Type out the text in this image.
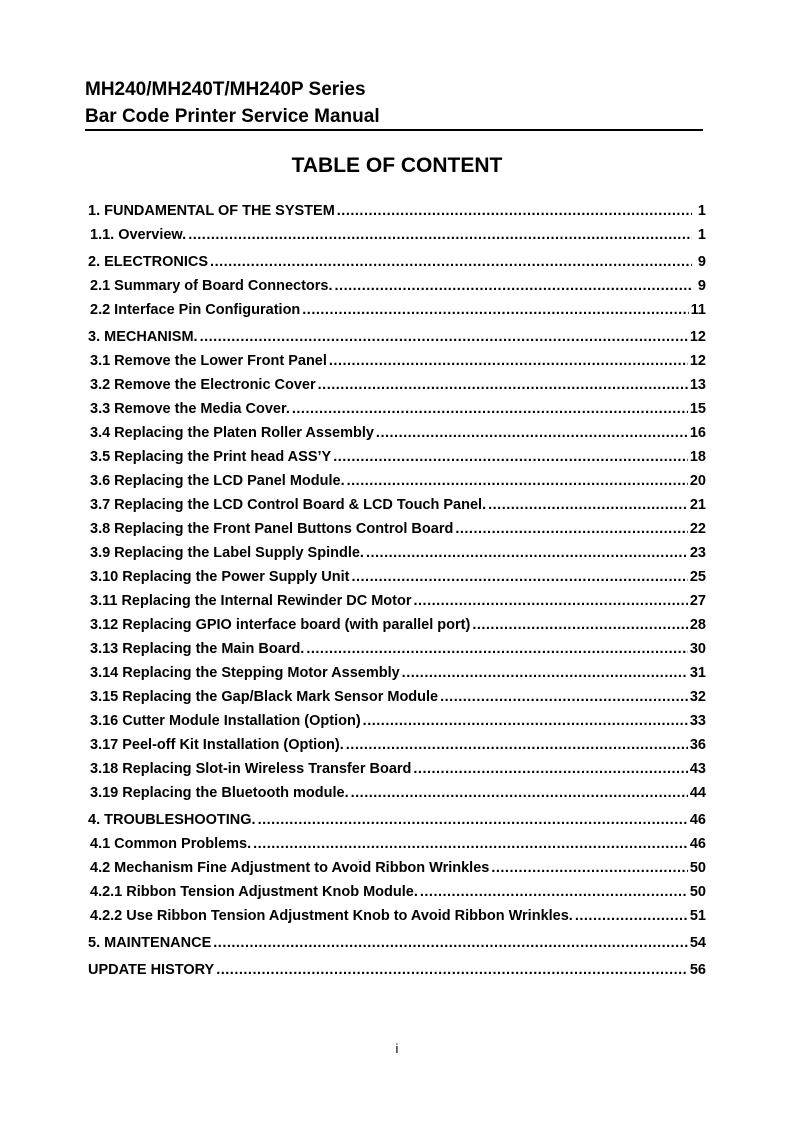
MH240/MH240T/MH240P Series
Bar Code Printer Service Manual
TABLE OF CONTENT
1. FUNDAMENTAL OF THE SYSTEM .....	1
1.1. Overview. .....	1
2. ELECTRONICS .....	9
2.1 Summary of Board Connectors. .....	9
2.2 Interface Pin Configuration .....	11
3. MECHANISM. .....	12
3.1 Remove the Lower Front Panel .....	12
3.2 Remove the Electronic Cover .....	13
3.3 Remove the Media Cover. .....	15
3.4 Replacing the Platen Roller Assembly .....	16
3.5 Replacing the Print head ASS’Y .....	18
3.6 Replacing the LCD Panel Module. .....	20
3.7 Replacing the LCD Control Board & LCD Touch Panel. .....	21
3.8 Replacing the Front Panel Buttons Control Board .....	22
3.9 Replacing the Label Supply Spindle. .....	23
3.10 Replacing the Power Supply Unit .....	25
3.11 Replacing the Internal Rewinder DC Motor .....	27
3.12 Replacing GPIO interface board (with parallel port) .....	28
3.13 Replacing the Main Board. .....	30
3.14 Replacing the Stepping Motor Assembly .....	31
3.15 Replacing the Gap/Black Mark Sensor Module .....	32
3.16 Cutter Module Installation (Option) .....	33
3.17 Peel-off Kit Installation (Option). .....	36
3.18 Replacing Slot-in Wireless Transfer Board .....	43
3.19 Replacing the Bluetooth module. .....	44
4. TROUBLESHOOTING. .....	46
4.1 Common Problems. .....	46
4.2 Mechanism Fine Adjustment to Avoid Ribbon Wrinkles .....	50
4.2.1 Ribbon Tension Adjustment Knob Module. .....	50
4.2.2 Use Ribbon Tension Adjustment Knob to Avoid Ribbon Wrinkles. .....	51
5. MAINTENANCE .....	54
UPDATE HISTORY .....	56
i
